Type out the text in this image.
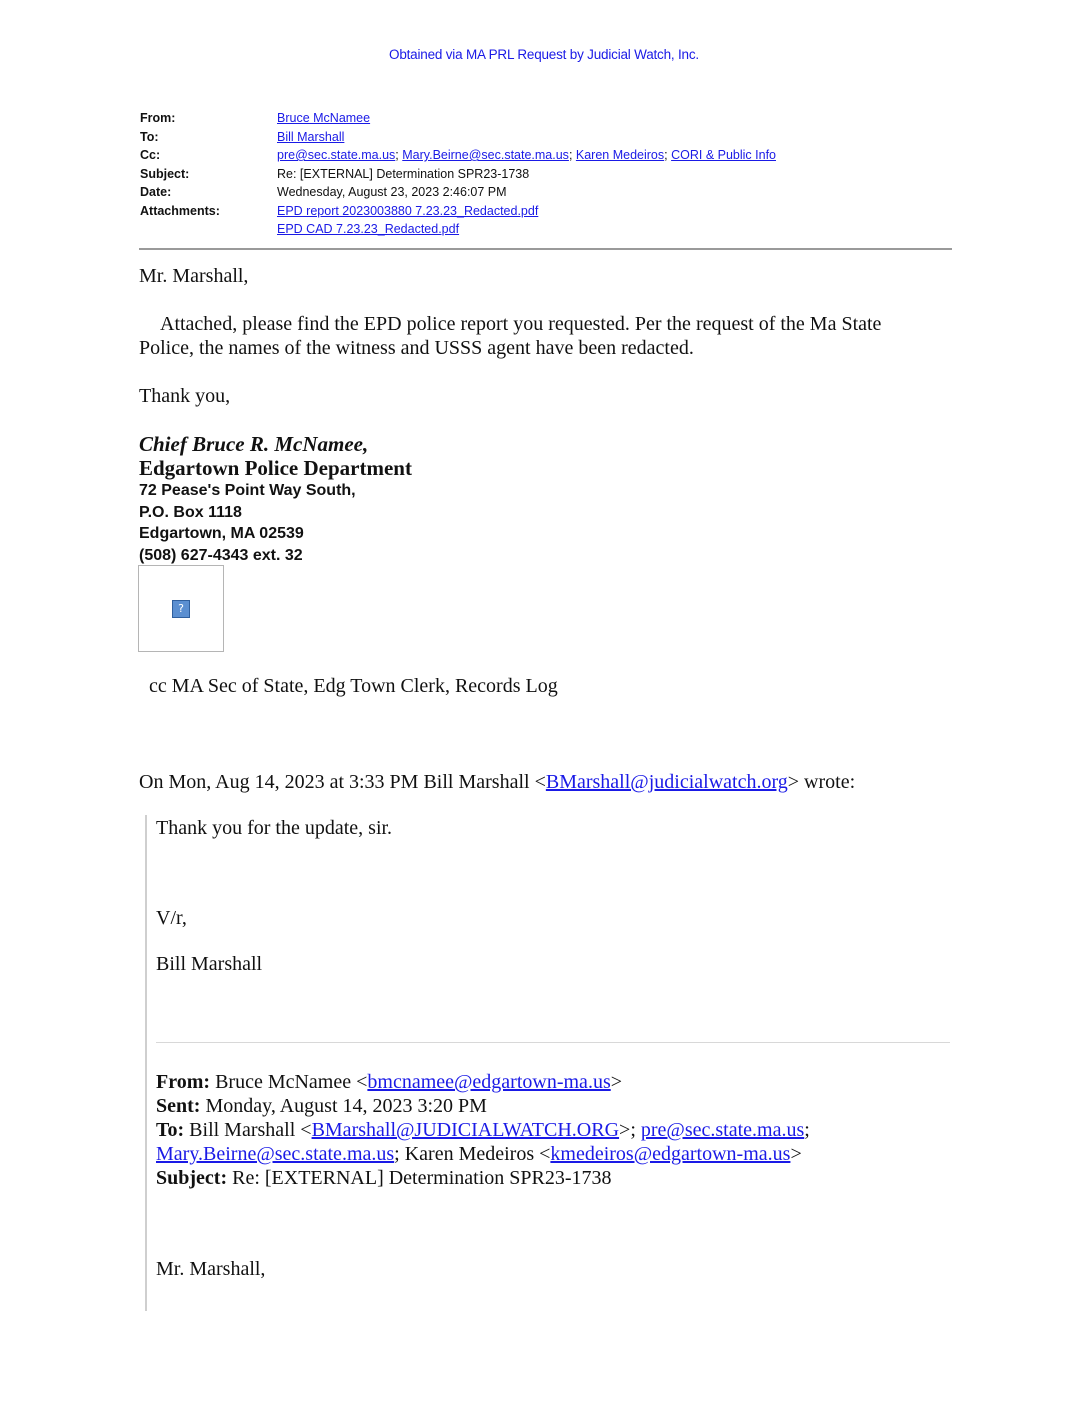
Obtained via MA PRL Request by Judicial Watch, Inc.
From:	Bruce McNamee
To:	Bill Marshall
Cc:	pre@sec.state.ma.us; Mary.Beirne@sec.state.ma.us; Karen Medeiros; CORI & Public Info
Subject:	Re: [EXTERNAL] Determination SPR23-1738
Date:	Wednesday, August 23, 2023 2:46:07 PM
Attachments:	EPD report 2023003880 7.23.23_Redacted.pdf
EPD CAD 7.23.23_Redacted.pdf
Mr. Marshall,
Attached, please find the EPD police report you requested. Per the request of the Ma State
Police, the names of the witness and USSS agent have been redacted.
Thank you,
Chief Bruce R. McNamee,
Edgartown Police Department
72 Pease's Point Way South,
P.O. Box 1118
Edgartown, MA 02539
(508) 627-4343 ext. 32
?
cc MA Sec of State, Edg Town Clerk, Records Log
On Mon, Aug 14, 2023 at 3:33 PM Bill Marshall <BMarshall@judicialwatch.org> wrote:
Thank you for the update, sir.
V/r,
Bill Marshall
From: Bruce McNamee <bmcnamee@edgartown-ma.us>
Sent: Monday, August 14, 2023 3:20 PM
To: Bill Marshall <BMarshall@JUDICIALWATCH.ORG>; pre@sec.state.ma.us;
Mary.Beirne@sec.state.ma.us; Karen Medeiros <kmedeiros@edgartown-ma.us>
Subject: Re: [EXTERNAL] Determination SPR23-1738
Mr. Marshall,
